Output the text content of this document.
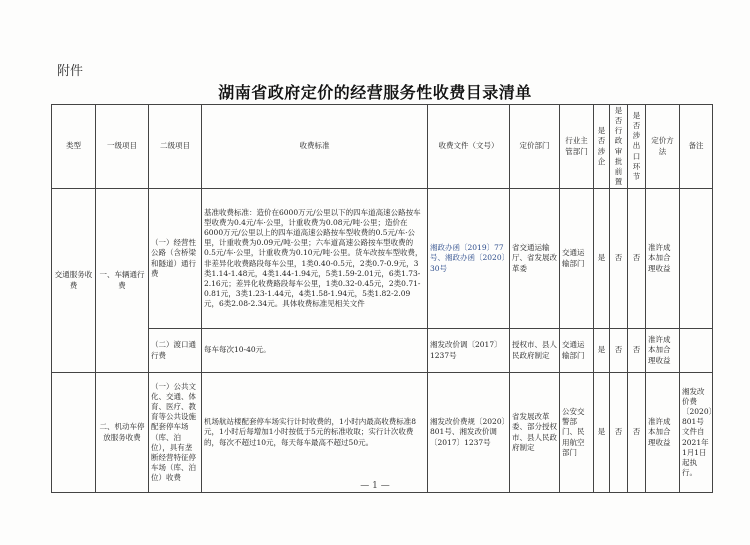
附件
湖南省政府定价的经营服务性收费目录清单
类型	一级项目	二级项目	收费标准	收费文件（文号）	定价部门	行业主管部门	是否涉企	是否行政审批前置	是否涉出口环节	定价方法	备注
交通服务收费	一、车辆通行费	（一）经营性公路（含桥梁和隧道）通行费	基准收费标准：造价在6000万元/公里以下的四车道高速公路按车型收费为0.4元/车·公里，计重收费为0.08元/吨·公里；造价在6000万元/公里以上的四车道高速公路按车型收费的0.5元/车·公里，计重收费为0.09元/吨·公里；六车道高速公路按车型收费的0.5元/车·公里，计重收费为0.10元/吨·公里。货车改按车型收费，非差异化收费路段每车公里，1类0.40-0.5元，2类0.7-0.9元，3类1.14-1.48元，4类1.44-1.94元，5类1.59-2.01元，6类1.73-2.16元；差异化收费路段每车公里，1类0.32-0.45元，2类0.71-0.81元，3类1.23-1.44元，4类1.58-1.94元，5类1.82-2.09元，6类2.08-2.34元。具体收费标准见相关文件	湘政办函〔2019〕77号、湘政办函〔2020〕30号	省交通运输厅、省发展改革委	交通运输部门	是	否	否	准许成本加合理收益	
		（二）渡口通行费	每车每次10-40元。	湘发改价调〔2017〕1237号	授权市、县人民政府制定	交通运输部门	是	否	否	准许成本加合理收益	
	二、机动车停放服务收费	（一）公共文化、交通、体育、医疗、教育等公共设施配套停车场（库、泊位），具有垄断经营特征停车场（库、泊位）收费	机场航站楼配套停车场实行计时收费的，1小时内最高收费标准8元，1小时后每增加1小时按低于5元的标准收取；实行计次收费的，每次不超过10元，每天每车最高不超过50元。	湘发改价费规〔2020〕801号、湘发改价调〔2017〕1237号	省发展改革委、部分授权市、县人民政府制定	公安交警部门、民用航空部门	是	否	否	准许成本加合理收益	湘发改价费〔2020〕801号文件自2021年1月1日起执行。
— 1 —
